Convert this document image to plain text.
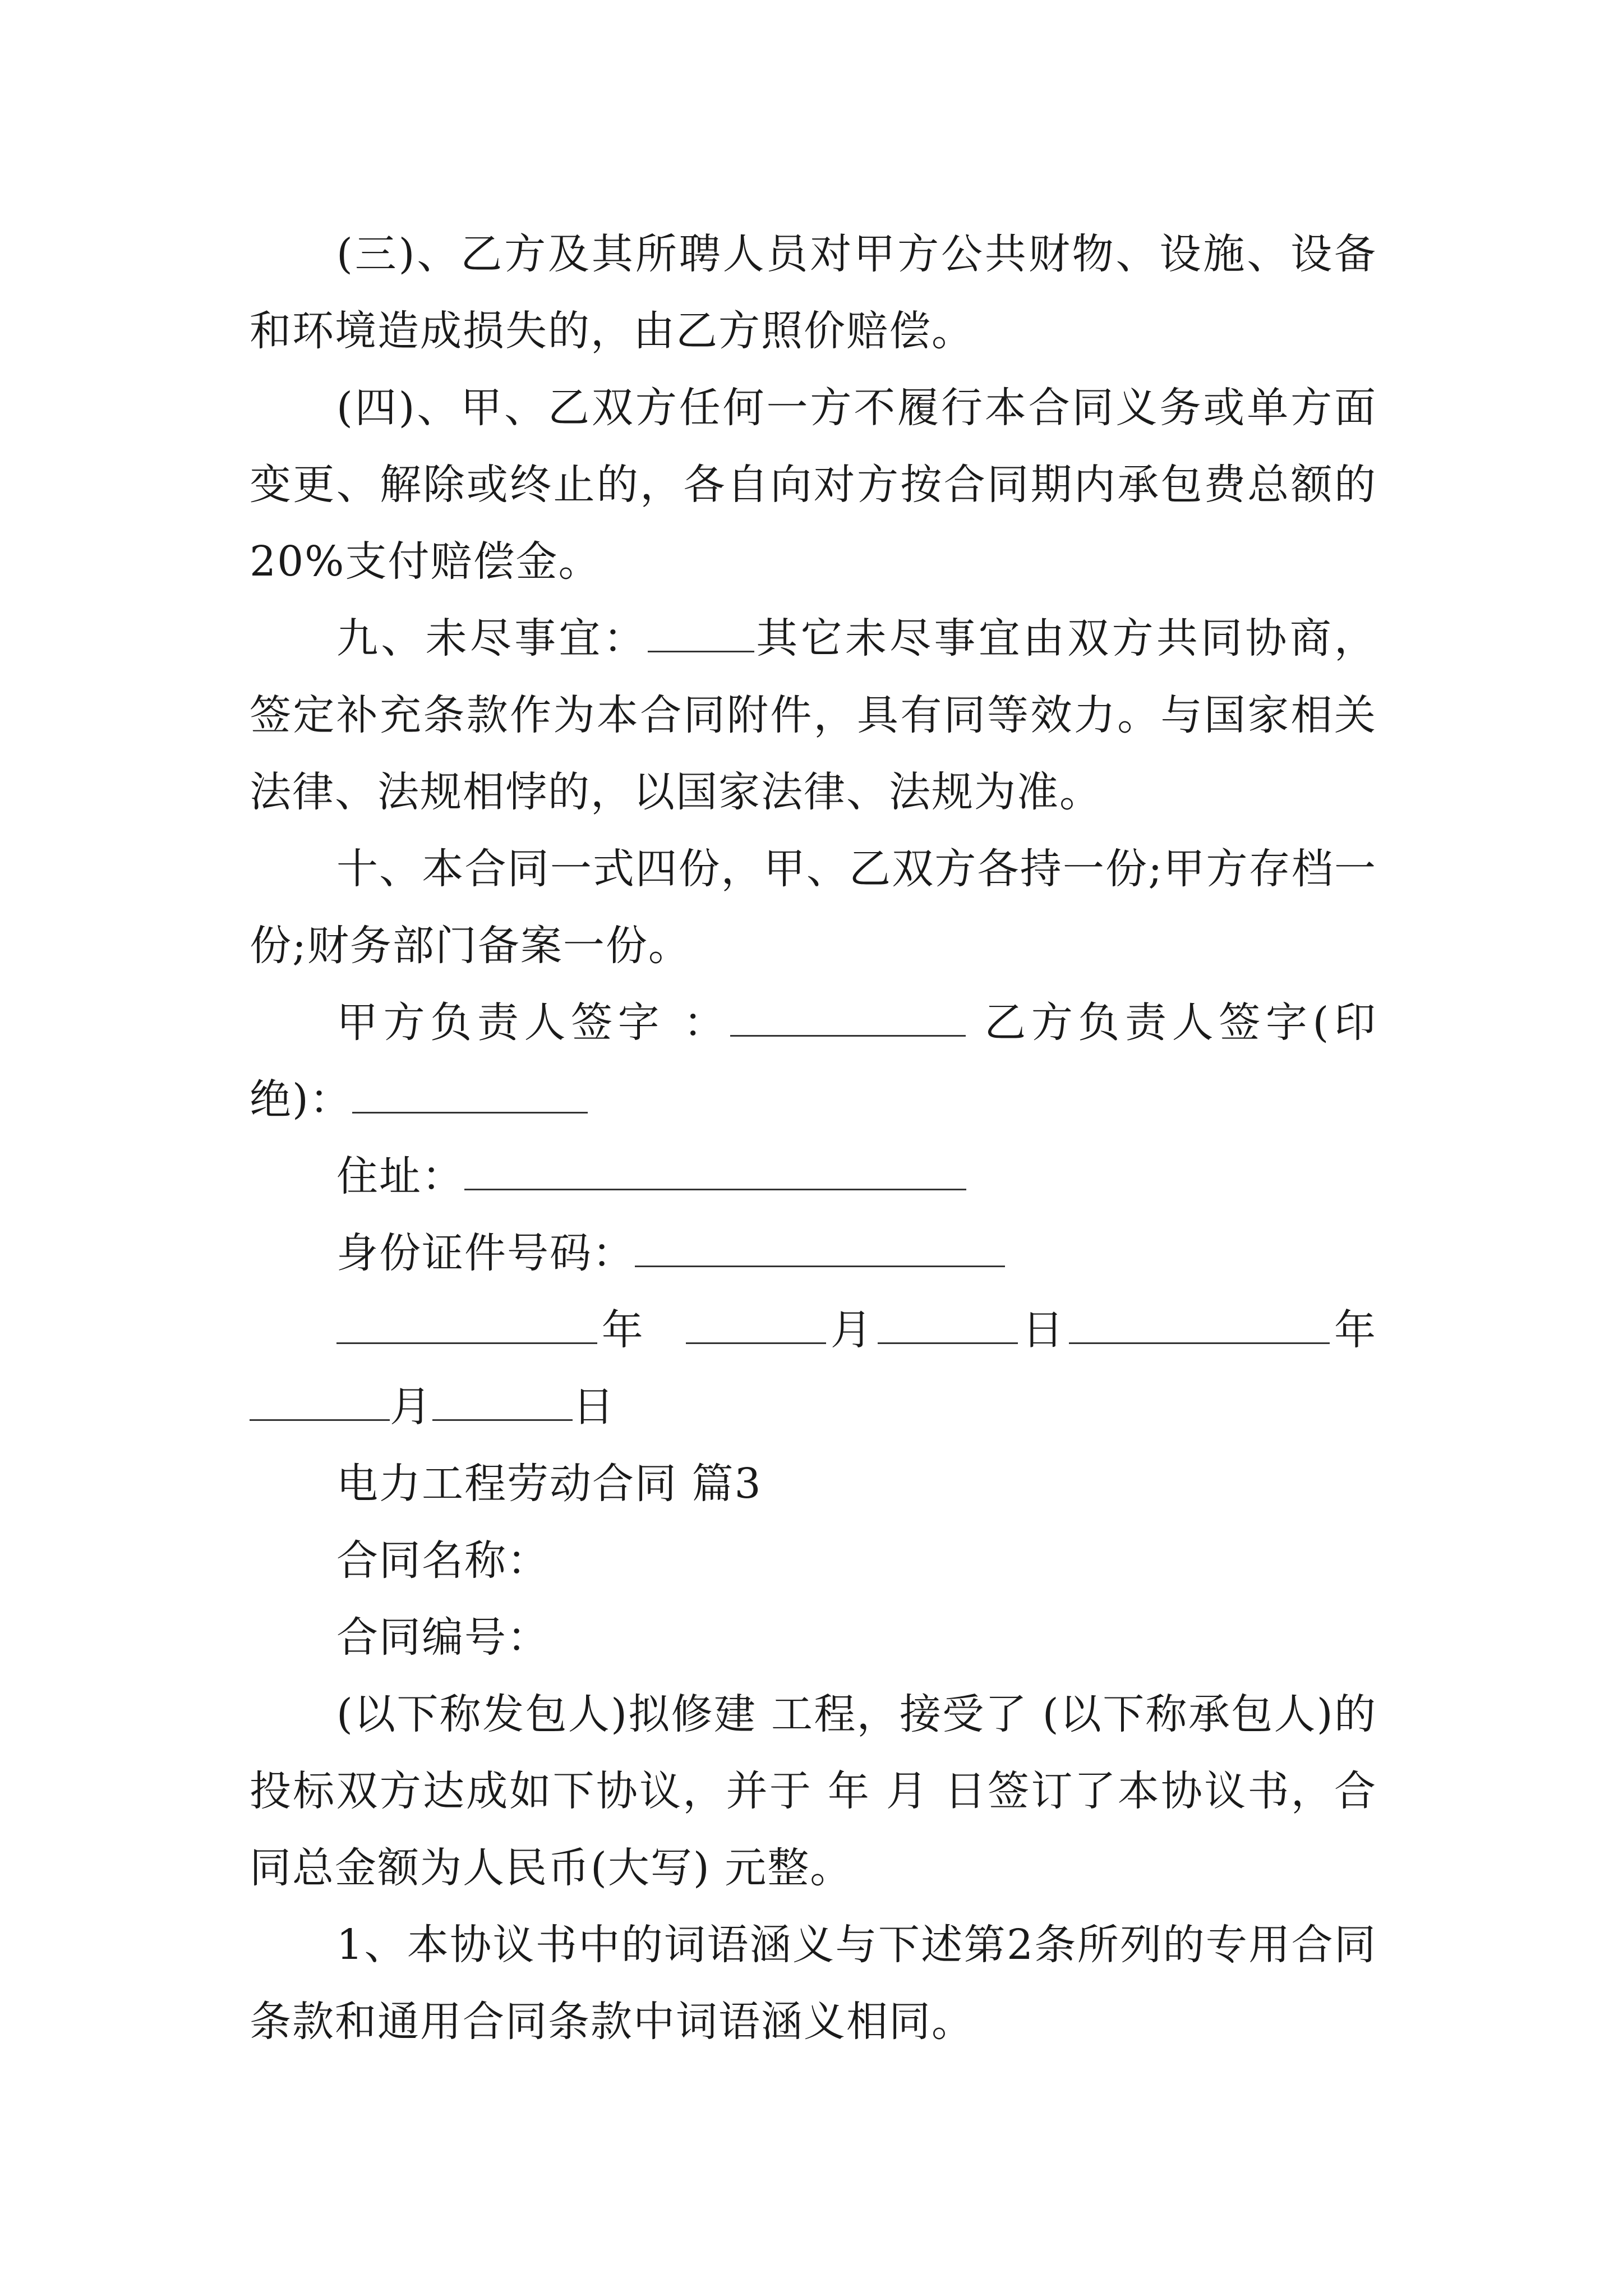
(三)、乙方及其所聘人员对甲方公共财物、设施、设备和环境造成损失的，由乙方照价赔偿。

(四)、甲、乙双方任何一方不履行本合同义务或单方面变更、解除或终止的，各自向对方按合同期内承包费总额的20%支付赔偿金。

九、未尽事宜：	其它未尽事宜由双方共同协商，签定补充条款作为本合同附件，具有同等效力。与国家相关法律、法规相悖的，以国家法律、法规为准。

十、本合同一式四份，甲、乙双方各持一份;甲方存档一份;财务部门备案一份。

甲方负责人签字 ：	乙方负责人签字(印绝)：

住址：

身份证件号码：

年	月	日	年月	日

电力工程劳动合同 篇3

合同名称：

合同编号：

(以下称发包人)拟修建 工程，接受了 (以下称承包人)的投标双方达成如下协议，并于 年 月 日签订了本协议书，合同总金额为人民币(大写) 元整。

1、本协议书中的词语涵义与下述第2条所列的专用合同条款和通用合同条款中词语涵义相同。
